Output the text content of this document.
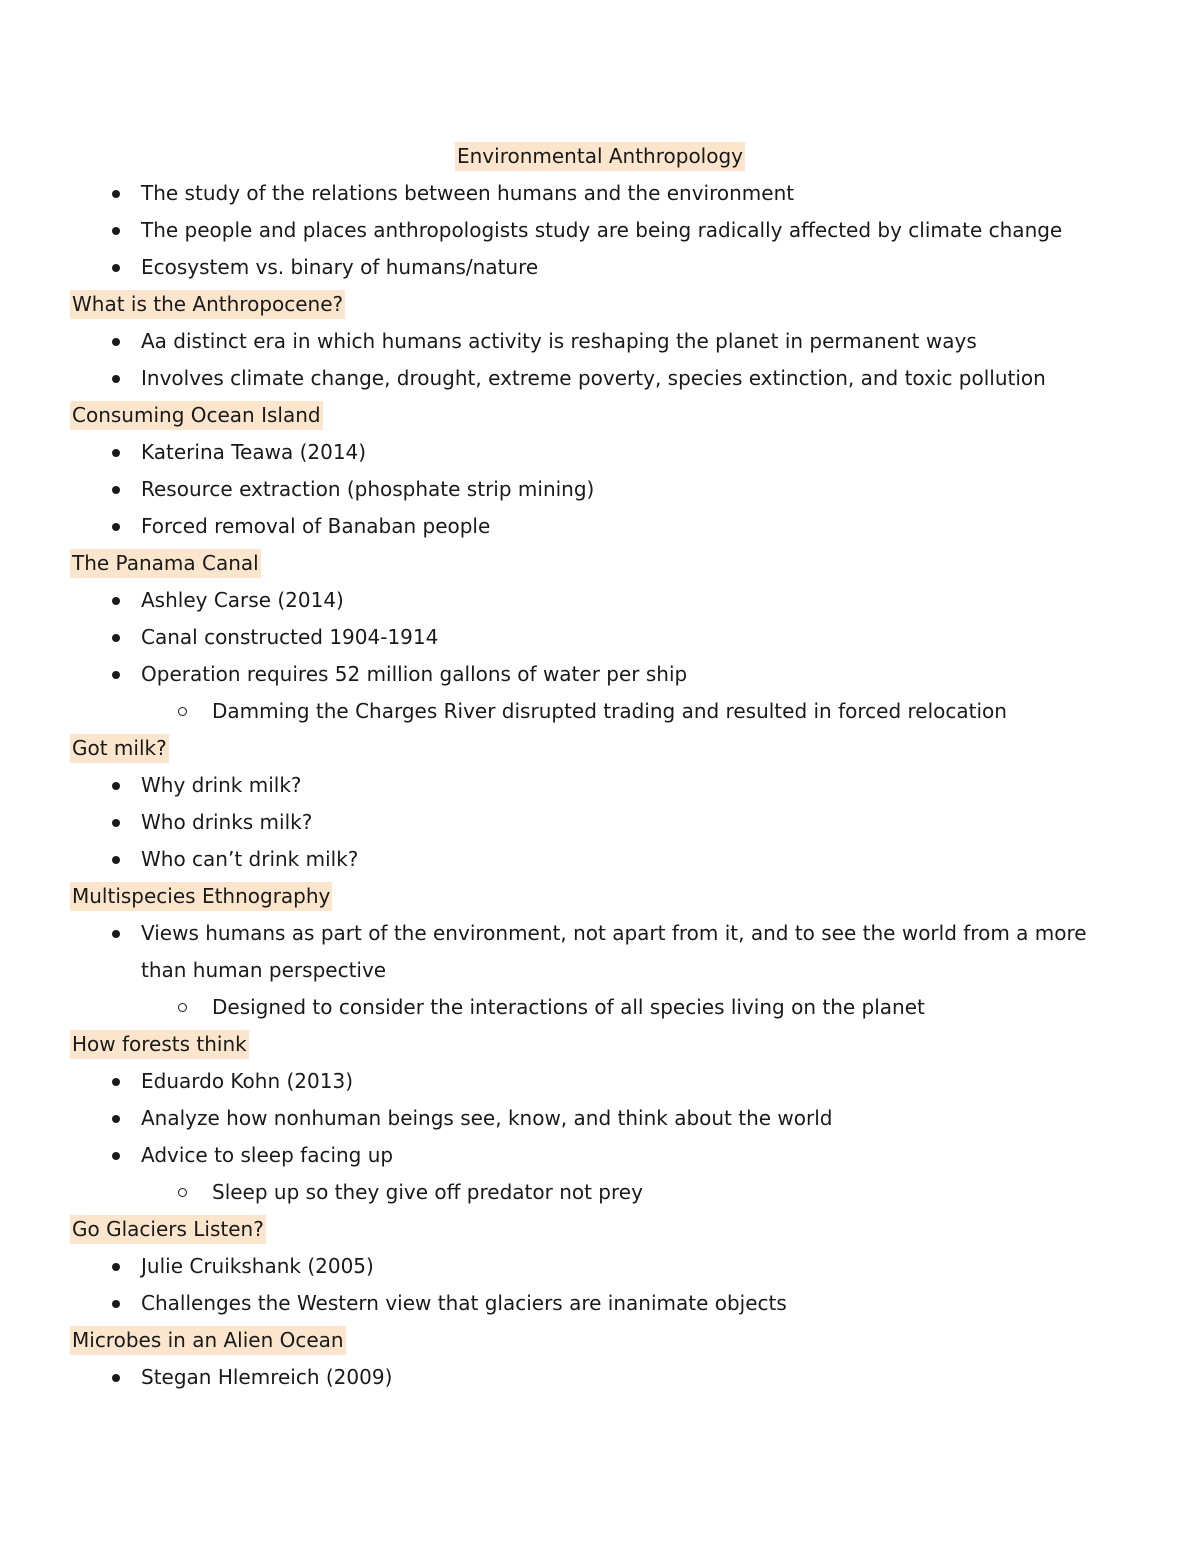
Environmental Anthropology
The study of the relations between humans and the environment
The people and places anthropologists study are being radically affected by climate change
Ecosystem vs. binary of humans/nature
What is the Anthropocene?
Aa distinct era in which humans activity is reshaping the planet in permanent ways
Involves climate change, drought, extreme poverty, species extinction, and toxic pollution
Consuming Ocean Island
Katerina Teawa (2014)
Resource extraction (phosphate strip mining)
Forced removal of Banaban people
The Panama Canal
Ashley Carse (2014)
Canal constructed 1904-1914
Operation requires 52 million gallons of water per ship
Damming the Charges River disrupted trading and resulted in forced relocation
Got milk?
Why drink milk?
Who drinks milk?
Who can’t drink milk?
Multispecies Ethnography
Views humans as part of the environment, not apart from it, and to see the world from a more than human perspective
Designed to consider the interactions of all species living on the planet
How forests think
Eduardo Kohn (2013)
Analyze how nonhuman beings see, know, and think about the world
Advice to sleep facing up
Sleep up so they give off predator not prey
Go Glaciers Listen?
Julie Cruikshank (2005)
Challenges the Western view that glaciers are inanimate objects
Microbes in an Alien Ocean
Stegan Hlemreich (2009)
